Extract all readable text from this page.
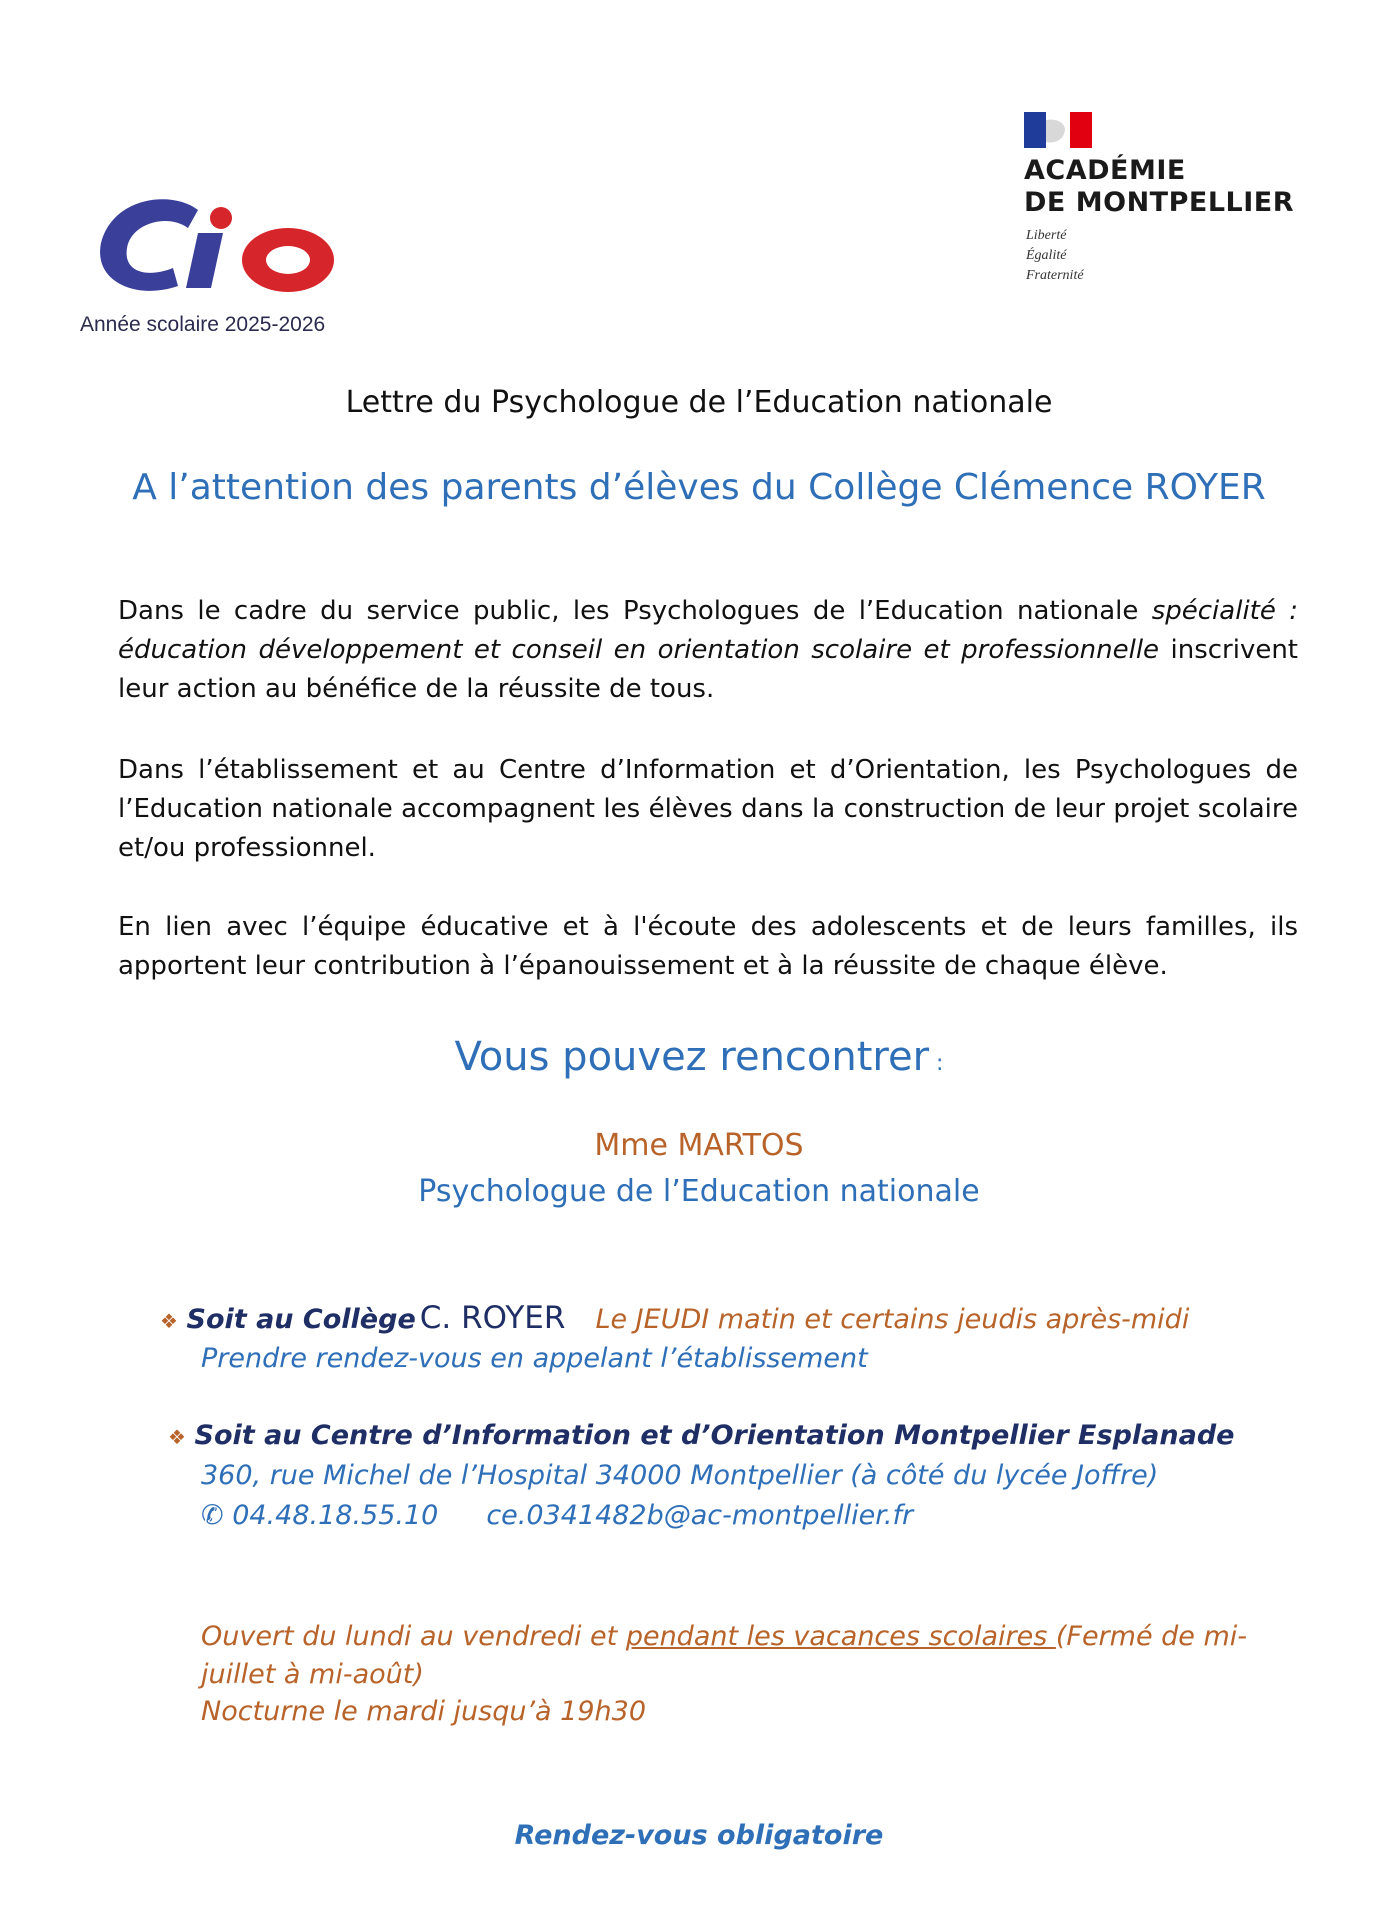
Année scolaire 2025-2026
ACADÉMIE
DE MONTPELLIER
Liberté
Égalité
Fraternité
Lettre du Psychologue de l’Education nationale
A l’attention des parents d’élèves du Collège Clémence ROYER
Dans le cadre du service public, les Psychologues de l’Education nationale spécialité : éducation développement et conseil en orientation scolaire et professionnelle inscrivent leur action au bénéfice de la réussite de tous.
Dans l’établissement et au Centre d’Information et d’Orientation, les Psychologues de l’Education nationale accompagnent les élèves dans la construction de leur projet scolaire et/ou professionnel.
En lien avec l’équipe éducative et à l'écoute des adolescents et de leurs familles, ils apportent leur contribution à l’épanouissement et à la réussite de chaque élève.
Vous pouvez rencontrer :
Mme MARTOS
Psychologue de l’Education nationale
❖ Soit au Collège C. ROYER Le JEUDI matin et certains jeudis après-midi
Prendre rendez-vous en appelant l’établissement
❖ Soit au Centre d’Information et d’Orientation Montpellier Esplanade
360, rue Michel de l’Hospital 34000 Montpellier (à côté du lycée Joffre)
✆ 04.48.18.55.10 ce.0341482b@ac-montpellier.fr
Ouvert du lundi au vendredi et pendant les vacances scolaires (Fermé de mi-juillet à mi-août)
Nocturne le mardi jusqu’à 19h30
Rendez-vous obligatoire
